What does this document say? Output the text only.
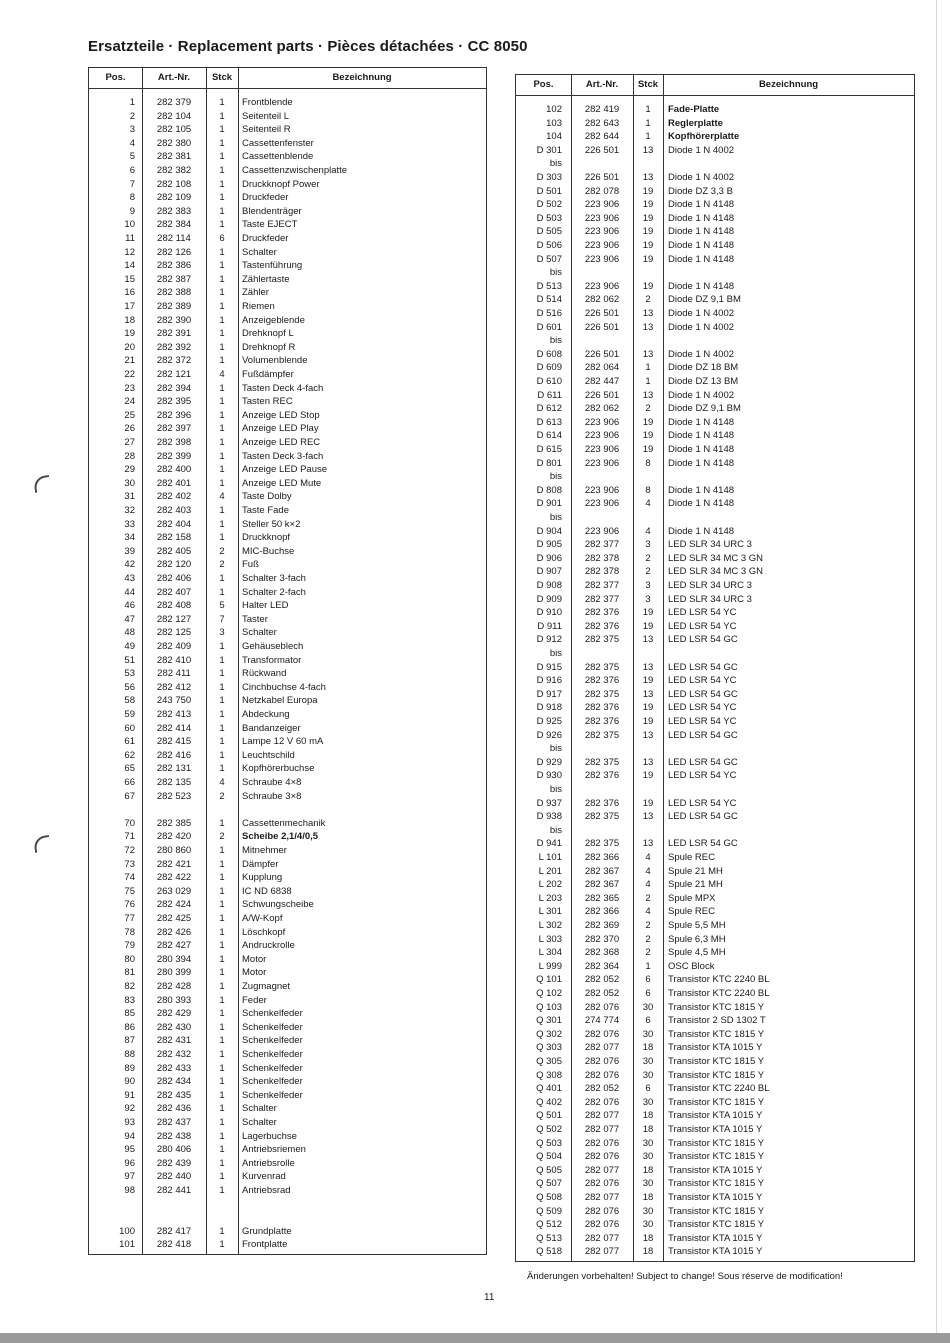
Ersatzteile · Replacement parts · Pièces détachées · CC 8050
Pos.	Art.-Nr.	Stck	Bezeichnung
1	282 379	1	Frontblende
2	282 104	1	Seitenteil L
3	282 105	1	Seitenteil R
4	282 380	1	Cassettenfenster
5	282 381	1	Cassettenblende
6	282 382	1	Cassettenzwischenplatte
7	282 108	1	Druckknopf Power
8	282 109	1	Druckfeder
9	282 383	1	Blendenträger
10	282 384	1	Taste EJECT
11	282 114	6	Druckfeder
12	282 126	1	Schalter
14	282 386	1	Tastenführung
15	282 387	1	Zählertaste
16	282 388	1	Zähler
17	282 389	1	Riemen
18	282 390	1	Anzeigeblende
19	282 391	1	Drehknopf L
20	282 392	1	Drehknopf R
21	282 372	1	Volumenblende
22	282 121	4	Fußdämpfer
23	282 394	1	Tasten Deck 4-fach
24	282 395	1	Tasten REC
25	282 396	1	Anzeige LED Stop
26	282 397	1	Anzeige LED Play
27	282 398	1	Anzeige LED REC
28	282 399	1	Tasten Deck 3-fach
29	282 400	1	Anzeige LED Pause
30	282 401	1	Anzeige LED Mute
31	282 402	4	Taste Dolby
32	282 403	1	Taste Fade
33	282 404	1	Steller 50 k×2
34	282 158	1	Druckknopf
39	282 405	2	MIC-Buchse
42	282 120	2	Fuß
43	282 406	1	Schalter 3-fach
44	282 407	1	Schalter 2-fach
46	282 408	5	Halter LED
47	282 127	7	Taster
48	282 125	3	Schalter
49	282 409	1	Gehäuseblech
51	282 410	1	Transformator
53	282 411	1	Rückwand
56	282 412	1	Cinchbuchse 4-fach
58	243 750	1	Netzkabel Europa
59	282 413	1	Abdeckung
60	282 414	1	Bandanzeiger
61	282 415	1	Lampe 12 V 60 mA
62	282 416	1	Leuchtschild
65	282 131	1	Kopfhörerbuchse
66	282 135	4	Schraube 4×8
67	282 523	2	Schraube 3×8
70	282 385	1	Cassettenmechanik
71	282 420	2	Scheibe 2,1/4/0,5
72	280 860	1	Mitnehmer
73	282 421	1	Dämpfer
74	282 422	1	Kupplung
75	263 029	1	IC ND 6838
76	282 424	1	Schwungscheibe
77	282 425	1	A/W-Kopf
78	282 426	1	Löschkopf
79	282 427	1	Andruckrolle
80	280 394	1	Motor
81	280 399	1	Motor
82	282 428	1	Zugmagnet
83	280 393	1	Feder
85	282 429	1	Schenkelfeder
86	282 430	1	Schenkelfeder
87	282 431	1	Schenkelfeder
88	282 432	1	Schenkelfeder
89	282 433	1	Schenkelfeder
90	282 434	1	Schenkelfeder
91	282 435	1	Schenkelfeder
92	282 436	1	Schalter
93	282 437	1	Schalter
94	282 438	1	Lagerbuchse
95	280 406	1	Antriebsriemen
96	282 439	1	Antriebsrolle
97	282 440	1	Kurvenrad
98	282 441	1	Antriebsrad
100	282 417	1	Grundplatte
101	282 418	1	Frontplatte
Pos.	Art.-Nr.	Stck	Bezeichnung
102	282 419	1	Fade-Platte
103	282 643	1	Reglerplatte
104	282 644	1	Kopfhörerplatte
D 301	226 501	13	Diode 1 N 4002
bis
D 303	226 501	13	Diode 1 N 4002
D 501	282 078	19	Diode DZ 3,3 B
D 502	223 906	19	Diode 1 N 4148
D 503	223 906	19	Diode 1 N 4148
D 505	223 906	19	Diode 1 N 4148
D 506	223 906	19	Diode 1 N 4148
D 507	223 906	19	Diode 1 N 4148
bis
D 513	223 906	19	Diode 1 N 4148
D 514	282 062	2	Diode DZ 9,1 BM
D 516	226 501	13	Diode 1 N 4002
D 601	226 501	13	Diode 1 N 4002
bis
D 608	226 501	13	Diode 1 N 4002
D 609	282 064	1	Diode DZ 18 BM
D 610	282 447	1	Diode DZ 13 BM
D 611	226 501	13	Diode 1 N 4002
D 612	282 062	2	Diode DZ 9,1 BM
D 613	223 906	19	Diode 1 N 4148
D 614	223 906	19	Diode 1 N 4148
D 615	223 906	19	Diode 1 N 4148
D 801	223 906	8	Diode 1 N 4148
bis
D 808	223 906	8	Diode 1 N 4148
D 901	223 906	4	Diode 1 N 4148
bis
D 904	223 906	4	Diode 1 N 4148
D 905	282 377	3	LED SLR 34 URC 3
D 906	282 378	2	LED SLR 34 MC 3 GN
D 907	282 378	2	LED SLR 34 MC 3 GN
D 908	282 377	3	LED SLR 34 URC 3
D 909	282 377	3	LED SLR 34 URC 3
D 910	282 376	19	LED LSR 54 YC
D 911	282 376	19	LED LSR 54 YC
D 912	282 375	13	LED LSR 54 GC
bis
D 915	282 375	13	LED LSR 54 GC
D 916	282 376	19	LED LSR 54 YC
D 917	282 375	13	LED LSR 54 GC
D 918	282 376	19	LED LSR 54 YC
D 925	282 376	19	LED LSR 54 YC
D 926	282 375	13	LED LSR 54 GC
bis
D 929	282 375	13	LED LSR 54 GC
D 930	282 376	19	LED LSR 54 YC
bis
D 937	282 376	19	LED LSR 54 YC
D 938	282 375	13	LED LSR 54 GC
bis
D 941	282 375	13	LED LSR 54 GC
L 101	282 366	4	Spule REC
L 201	282 367	4	Spule 21 MH
L 202	282 367	4	Spule 21 MH
L 203	282 365	2	Spule MPX
L 301	282 366	4	Spule REC
L 302	282 369	2	Spule 5,5 MH
L 303	282 370	2	Spule 6,3 MH
L 304	282 368	2	Spule 4,5 MH
L 999	282 364	1	OSC Block
Q 101	282 052	6	Transistor KTC 2240 BL
Q 102	282 052	6	Transistor KTC 2240 BL
Q 103	282 076	30	Transistor KTC 1815 Y
Q 301	274 774	6	Transistor 2 SD 1302 T
Q 302	282 076	30	Transistor KTC 1815 Y
Q 303	282 077	18	Transistor KTA 1015 Y
Q 305	282 076	30	Transistor KTC 1815 Y
Q 308	282 076	30	Transistor KTC 1815 Y
Q 401	282 052	6	Transistor KTC 2240 BL
Q 402	282 076	30	Transistor KTC 1815 Y
Q 501	282 077	18	Transistor KTA 1015 Y
Q 502	282 077	18	Transistor KTA 1015 Y
Q 503	282 076	30	Transistor KTC 1815 Y
Q 504	282 076	30	Transistor KTC 1815 Y
Q 505	282 077	18	Transistor KTA 1015 Y
Q 507	282 076	30	Transistor KTC 1815 Y
Q 508	282 077	18	Transistor KTA 1015 Y
Q 509	282 076	30	Transistor KTC 1815 Y
Q 512	282 076	30	Transistor KTC 1815 Y
Q 513	282 077	18	Transistor KTA 1015 Y
Q 518	282 077	18	Transistor KTA 1015 Y
Änderungen vorbehalten! Subject to change! Sous réserve de modification!
11
